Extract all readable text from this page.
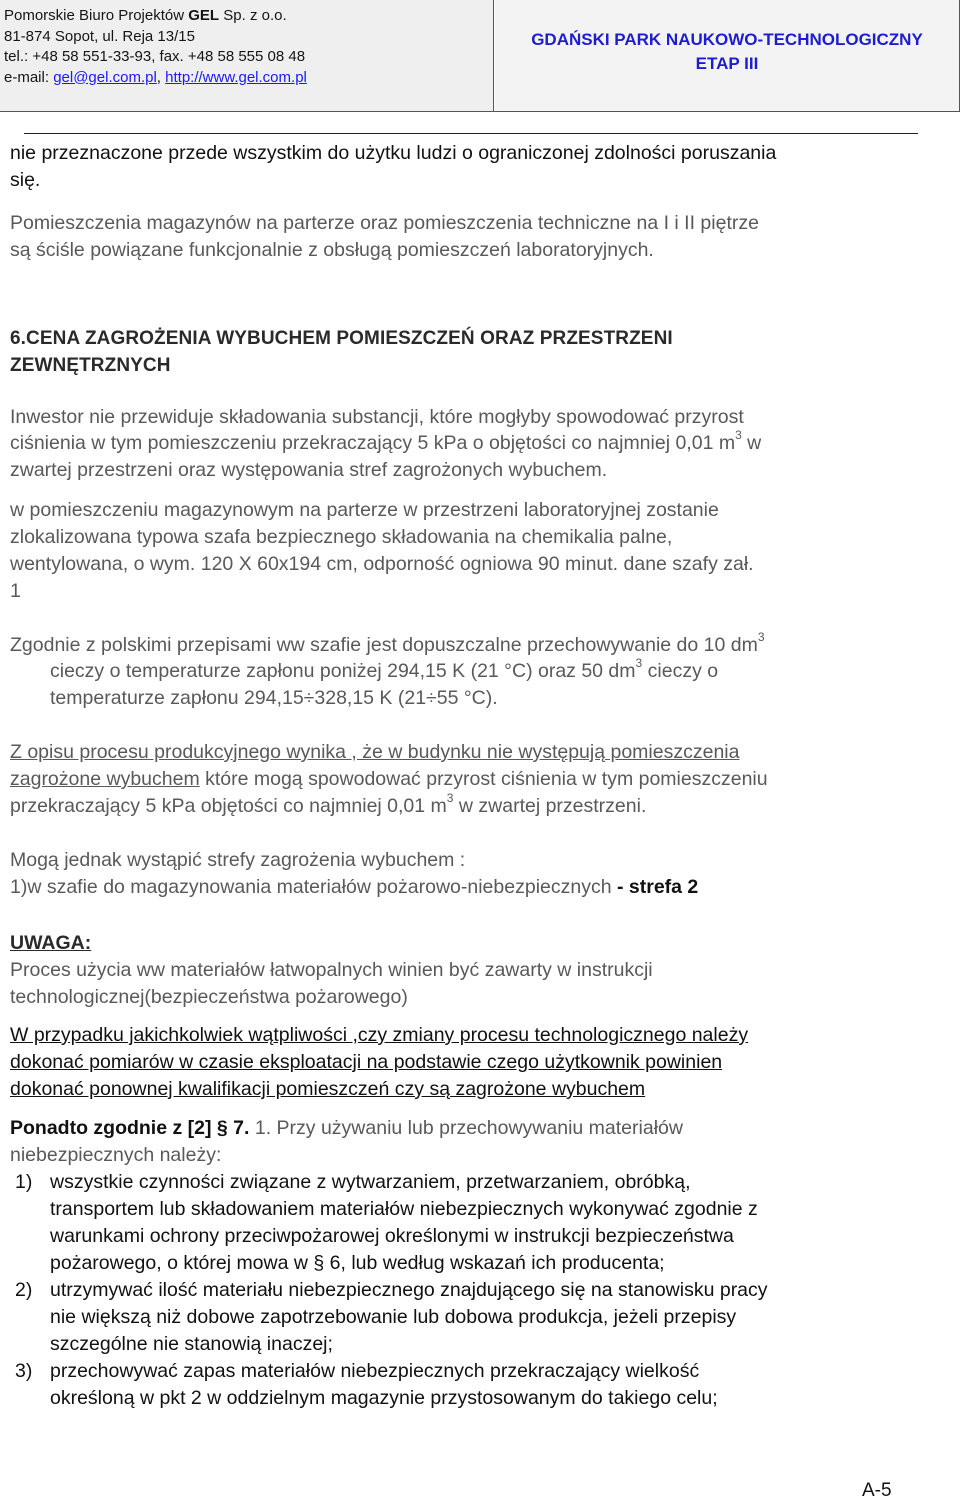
Pomorskie Biuro Projektów GEL Sp. z o.o.
81-874 Sopot, ul. Reja 13/15
tel.: +48 58 551-33-93, fax. +48 58 555 08 48
e-mail: gel@gel.com.pl, http://www.gel.com.pl
GDAŃSKI PARK NAUKOWO-TECHNOLOGICZNY
ETAP III
nie przeznaczone przede wszystkim do użytku ludzi o ograniczonej zdolności poruszania
się.
Pomieszczenia magazynów na parterze oraz pomieszczenia techniczne na I i II piętrze
są ściśle powiązane funkcjonalnie z obsługą pomieszczeń laboratoryjnych.
6.CENA ZAGROŻENIA WYBUCHEM POMIESZCZEŃ ORAZ PRZESTRZENI
ZEWNĘTRZNYCH
Inwestor nie przewiduje składowania substancji, które mogłyby spowodować przyrost
ciśnienia w tym pomieszczeniu przekraczający 5 kPa o objętości co najmniej 0,01 $m^3$ w
zwartej przestrzeni oraz występowania stref zagrożonych wybuchem.
w pomieszczeniu magazynowym na parterze w przestrzeni laboratoryjnej zostanie
zlokalizowana typowa szafa bezpiecznego składowania na chemikalia palne,
wentylowana, o wym. 120 X 60x194 cm, odporność ogniowa 90 minut. dane szafy zał.
1
Zgodnie z polskimi przepisami ww szafie jest dopuszczalne przechowywanie do 10 $dm^3$
cieczy o temperaturze zapłonu poniżej 294,15 K (21 °C) oraz 50 $dm^3$ cieczy o
temperaturze zapłonu 294,15÷328,15 K (21÷55 °C).
Z opisu procesu produkcyjnego wynika , że w budynku nie występują pomieszczenia
zagrożone wybuchem które mogą spowodować przyrost ciśnienia w tym pomieszczeniu
przekraczający 5 kPa objętości co najmniej 0,01 $m^3$ w zwartej przestrzeni.
Mogą jednak wystąpić strefy zagrożenia wybuchem :
1)w szafie do magazynowania materiałów pożarowo-niebezpiecznych - strefa 2
UWAGA:
Proces użycia ww materiałów łatwopalnych winien być zawarty w instrukcji
technologicznej(bezpieczeństwa pożarowego)
W przypadku jakichkolwiek wątpliwości ,czy zmiany procesu technologicznego należy
dokonać pomiarów w czasie eksploatacji na podstawie czego użytkownik powinien
dokonać ponownej kwalifikacji pomieszczeń czy są zagrożone wybuchem
Ponadto zgodnie z [2] § 7. 1. Przy używaniu lub przechowywaniu materiałów
niebezpiecznych należy:
1) wszystkie czynności związane z wytwarzaniem, przetwarzaniem, obróbką,
transportem lub składowaniem materiałów niebezpiecznych wykonywać zgodnie z
warunkami ochrony przeciwpożarowej określonymi w instrukcji bezpieczeństwa
pożarowego, o której mowa w § 6, lub według wskazań ich producenta;
2) utrzymywać ilość materiału niebezpiecznego znajdującego się na stanowisku pracy
nie większą niż dobowe zapotrzebowanie lub dobowa produkcja, jeżeli przepisy
szczególne nie stanowią inaczej;
3) przechowywać zapas materiałów niebezpiecznych przekraczający wielkość
określoną w pkt 2 w oddzielnym magazynie przystosowanym do takiego celu;
A-5
